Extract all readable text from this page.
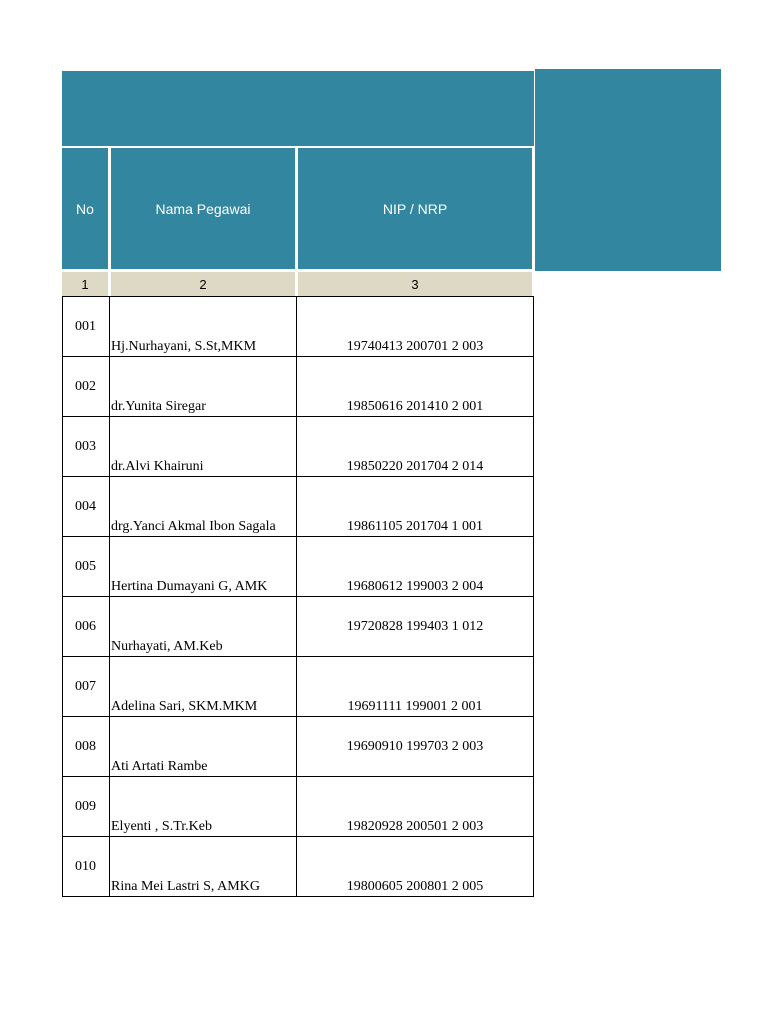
No	Nama Pegawai	NIP / NRP
1	2	3
001	Hj.Nurhayani, S.St,MKM	19740413 200701 2 003

002	dr.Yunita Siregar	19850616 201410 2 001

003	dr.Alvi Khairuni	19850220 201704 2 014

004	drg.Yanci Akmal Ibon Sagala	19861105 201704 1 001

005	Hertina Dumayani G, AMK	19680612 199003 2 004

006	Nurhayati, AM.Keb	19720828 199403 1 012

007	Adelina Sari, SKM.MKM	19691111 199001 2 001

008	Ati Artati Rambe	19690910 199703 2 003

009	Elyenti , S.Tr.Keb	19820928 200501 2 003

010	Rina Mei Lastri S, AMKG	19800605 200801 2 005
